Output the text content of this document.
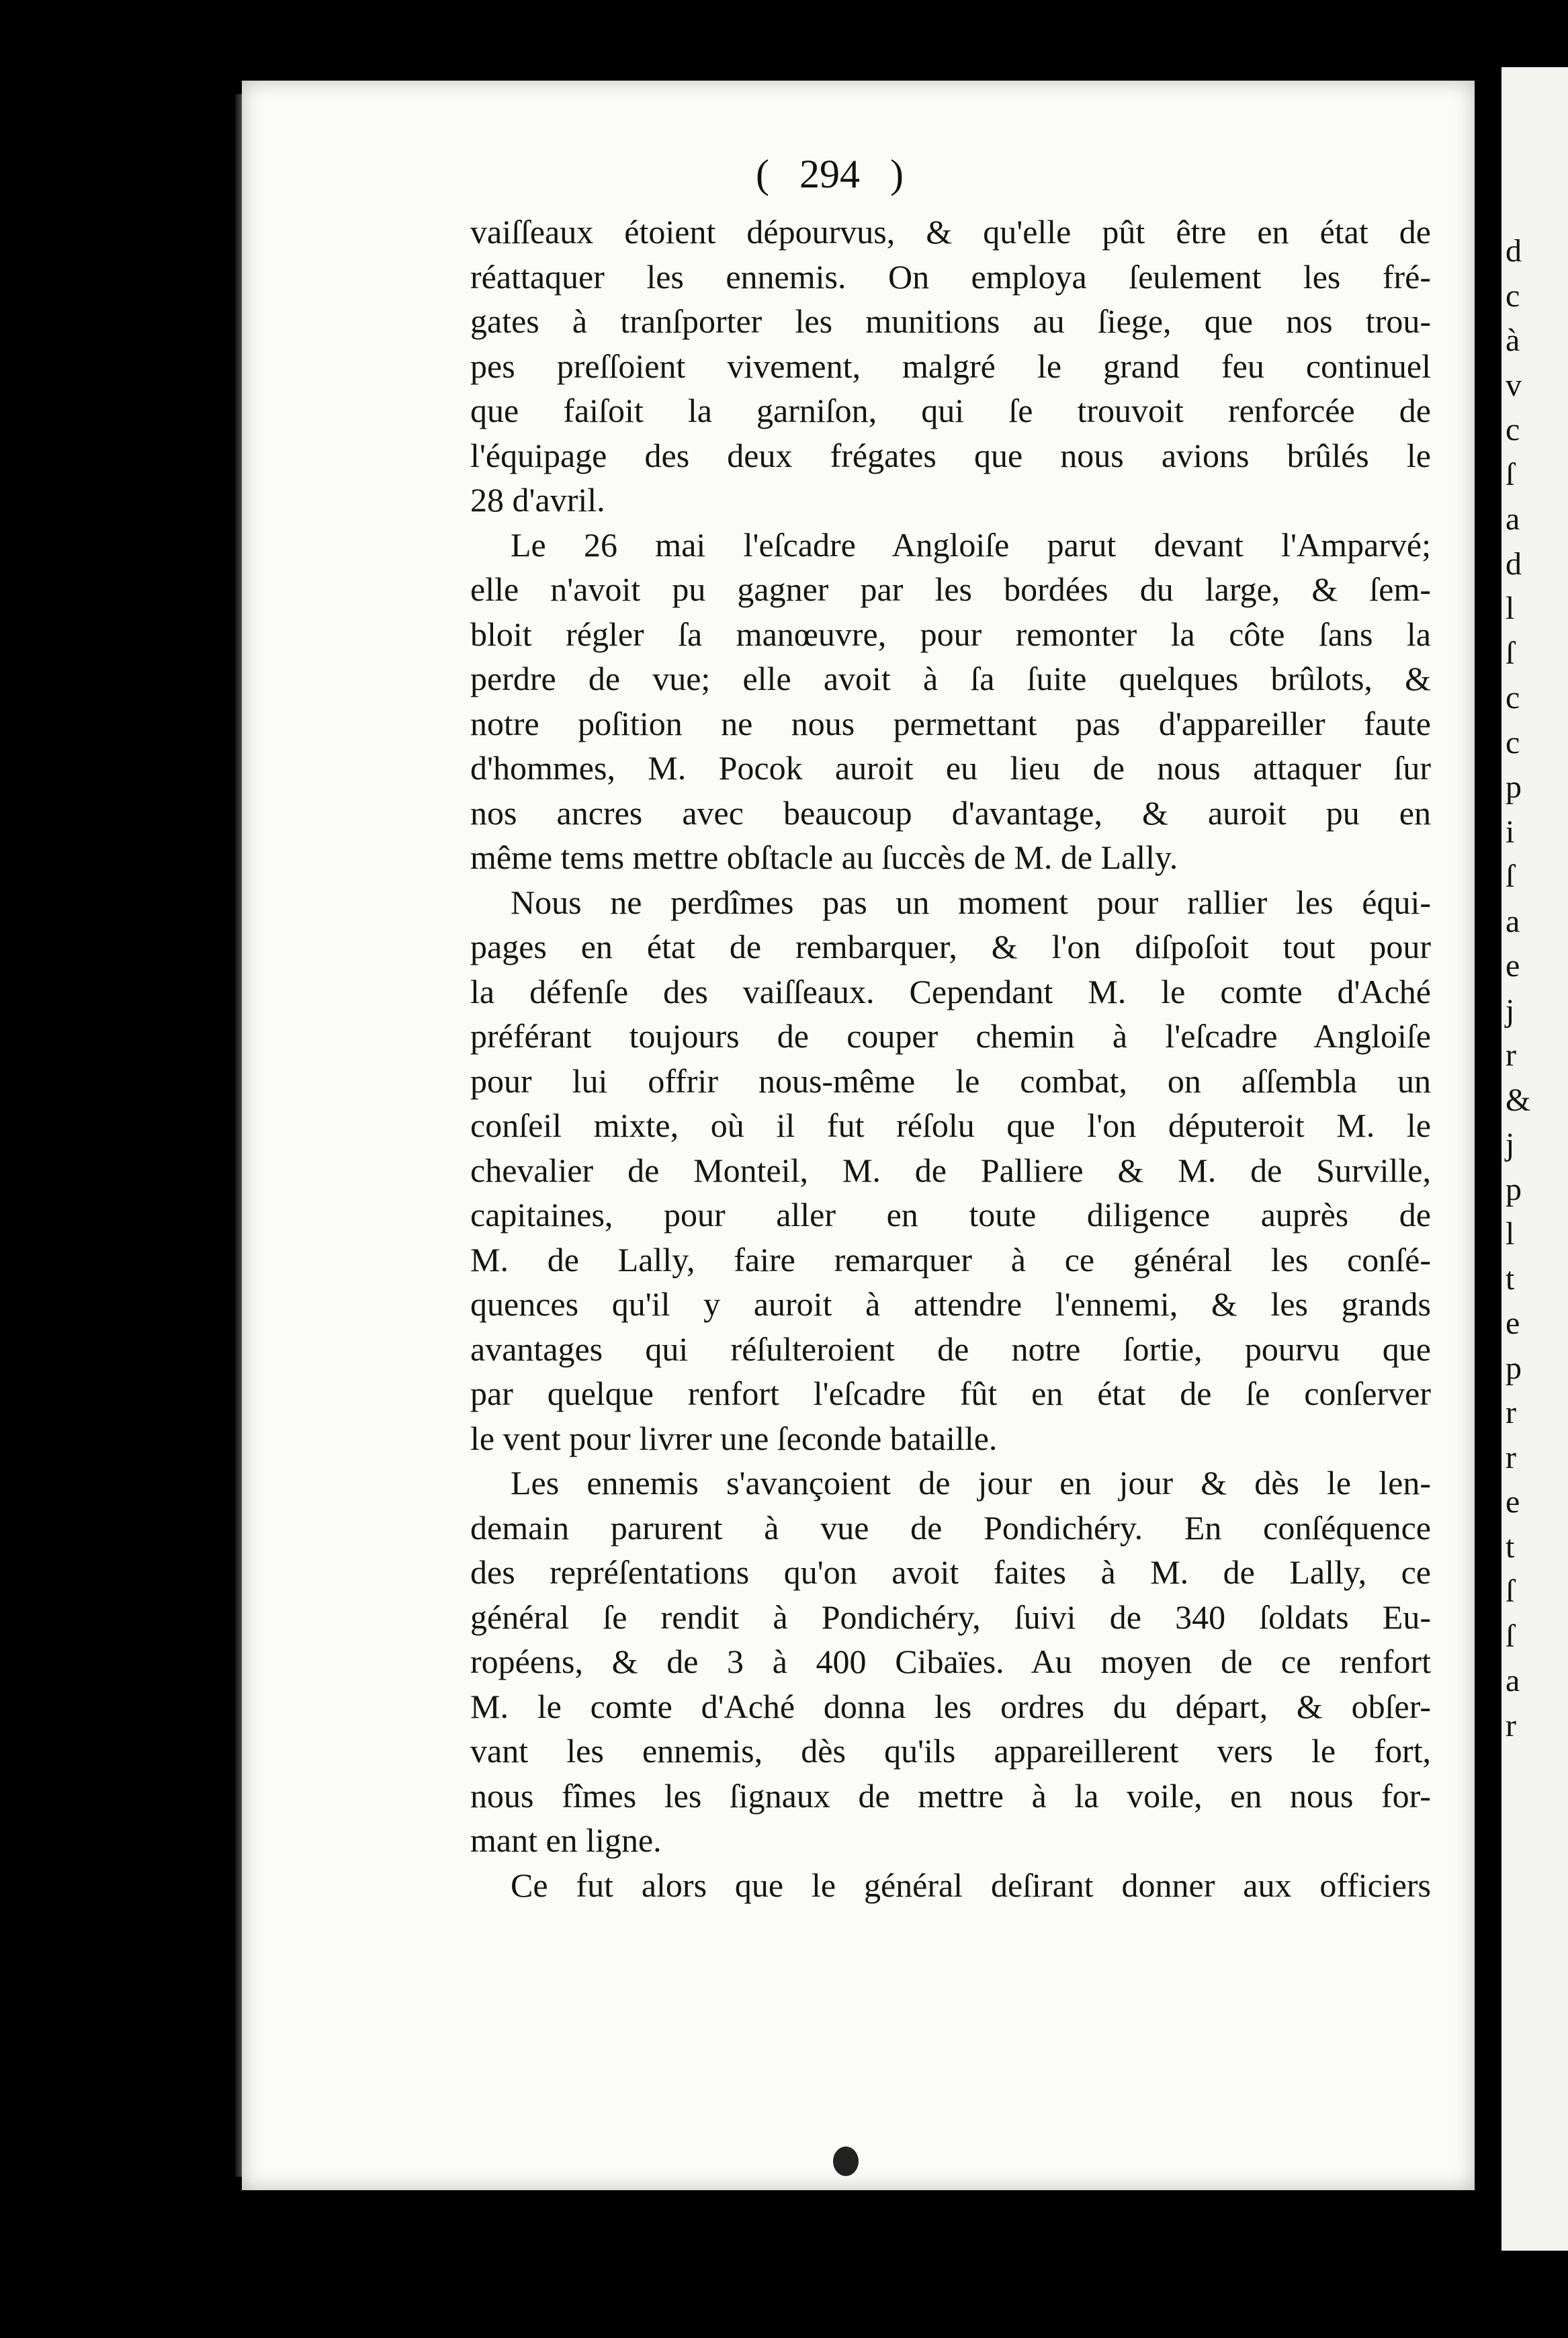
( 294 )
vaiſſeaux étoient dépourvus, & qu'elle pût être en état de
réattaquer les ennemis. On employa ſeulement les fré-
gates à tranſporter les munitions au ſiege, que nos trou-
pes preſſoient vivement, malgré le grand feu continuel
que faiſoit la garniſon, qui ſe trouvoit renforcée de
l'équipage des deux frégates que nous avions brûlés le
28 d'avril.
Le 26 mai l'eſcadre Angloiſe parut devant l'Amparvé;
elle n'avoit pu gagner par les bordées du large, & ſem-
bloit régler ſa manœuvre, pour remonter la côte ſans la
perdre de vue; elle avoit à ſa ſuite quelques brûlots, &
notre poſition ne nous permettant pas d'appareiller faute
d'hommes, M. Pocok auroit eu lieu de nous attaquer ſur
nos ancres avec beaucoup d'avantage, & auroit pu en
même tems mettre obſtacle au ſuccès de M. de Lally.
Nous ne perdîmes pas un moment pour rallier les équi-
pages en état de rembarquer, & l'on diſpoſoit tout pour
la défenſe des vaiſſeaux. Cependant M. le comte d'Aché
préférant toujours de couper chemin à l'eſcadre Angloiſe
pour lui offrir nous-même le combat, on aſſembla un
conſeil mixte, où il fut réſolu que l'on députeroit M. le
chevalier de Monteil, M. de Palliere & M. de Surville,
capitaines, pour aller en toute diligence auprès de
M. de Lally, faire remarquer à ce général les conſé-
quences qu'il y auroit à attendre l'ennemi, & les grands
avantages qui réſulteroient de notre ſortie, pourvu que
par quelque renfort l'eſcadre fût en état de ſe conſerver
le vent pour livrer une ſeconde bataille.
Les ennemis s'avançoient de jour en jour & dès le len-
demain parurent à vue de Pondichéry. En conſéquence
des repréſentations qu'on avoit faites à M. de Lally, ce
général ſe rendit à Pondichéry, ſuivi de 340 ſoldats Eu-
ropéens, & de 3 à 400 Cibaïes. Au moyen de ce renfort
M. le comte d'Aché donna les ordres du départ, & obſer-
vant les ennemis, dès qu'ils appareillerent vers le fort,
nous fîmes les ſignaux de mettre à la voile, en nous for-
mant en ligne.
Ce fut alors que le général deſirant donner aux officiers
d
c
à
v
c
ſ
a
d
l
ſ
c
c
p
i
ſ
a
e
j
r
&
j
p
l
t
e
p
r
r
e
t
ſ
ſ
a
r
